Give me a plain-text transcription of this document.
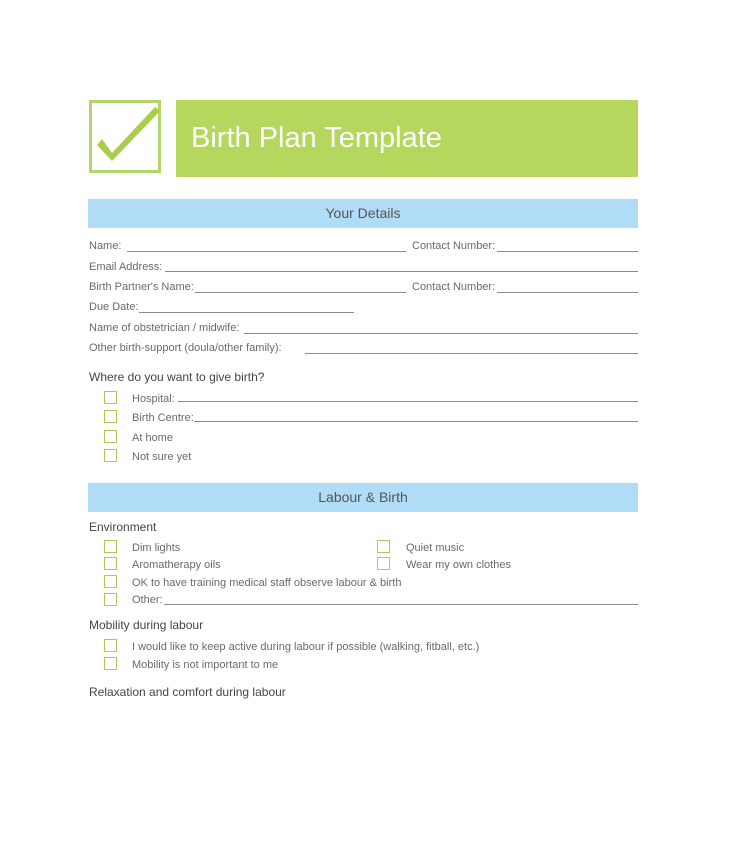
Birth Plan Template
Your Details
Name:	Contact Number:
Email Address:
Birth Partner's Name:	Contact Number:
Due Date:
Name of obstetrician / midwife:
Other birth-support (doula/other family):
Where do you want to give birth?
Hospital:
Birth Centre:
At home
Not sure yet
Labour & Birth
Environment
Dim lights	Quiet music
Aromatherapy oils	Wear my own clothes
OK to have training medical staff observe labour & birth
Other:
Mobility during labour
I would like to keep active during labour if possible (walking, fitball, etc.)
Mobility is not important to me
Relaxation and comfort during labour
